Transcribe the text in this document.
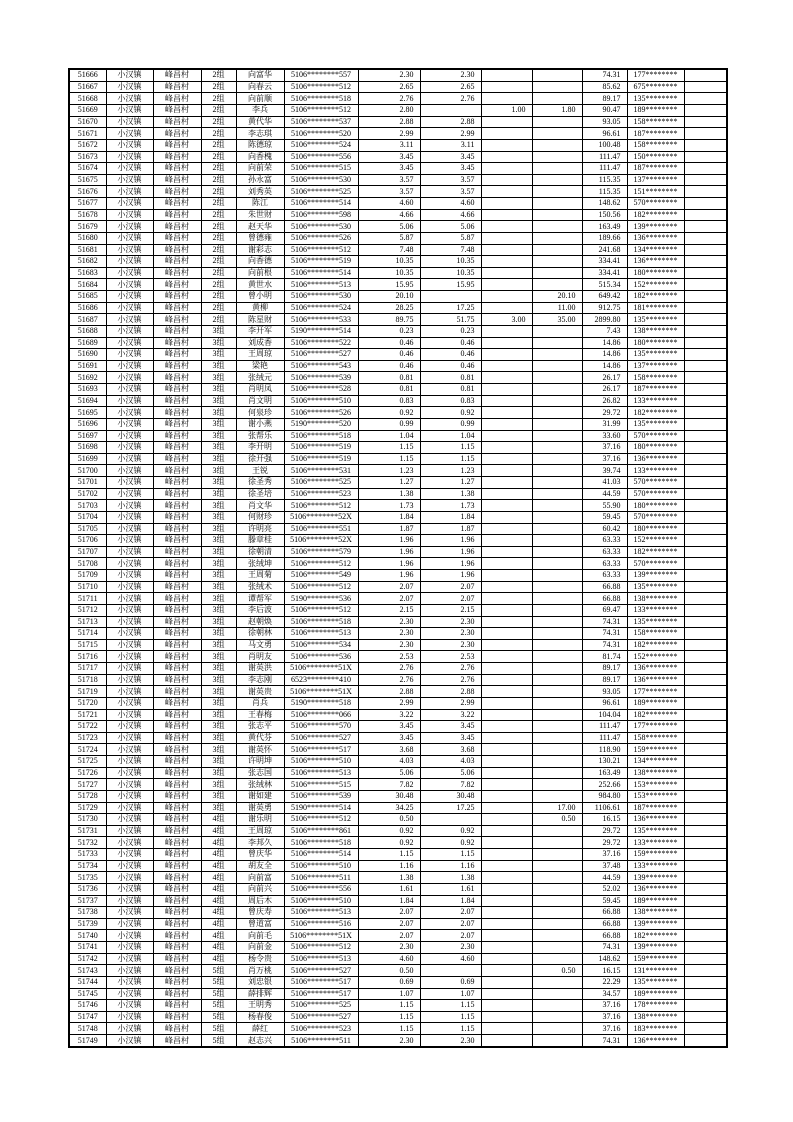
51666	小汉镇	峰昌村	2组	向富华	5106********557	2.30	2.30			74.31	177********	
51667	小汉镇	峰昌村	2组	向春云	5106********512	2.65	2.65			85.62	675********	
51668	小汉镇	峰昌村	2组	向前顺	5106********518	2.76	2.76			89.17	135********	
51669	小汉镇	峰昌村	2组	李兵	5106********512	2.80		1.00	1.80	90.47	189********	
51670	小汉镇	峰昌村	2组	黄代华	5106********537	2.88	2.88			93.05	158********	
51671	小汉镇	峰昌村	2组	李志琪	5106********520	2.99	2.99			96.61	187********	
51672	小汉镇	峰昌村	2组	陈德琼	5106********524	3.11	3.11			100.48	158********	
51673	小汉镇	峰昌村	2组	向香槐	5106********556	3.45	3.45			111.47	150********	
51674	小汉镇	峰昌村	2组	向前荣	5106********515	3.45	3.45			111.47	187********	
51675	小汉镇	峰昌村	2组	孙永富	5106********530	3.57	3.57			115.35	137********	
51676	小汉镇	峰昌村	2组	刘秀英	5106********525	3.57	3.57			115.35	151********	
51677	小汉镇	峰昌村	2组	陈江	5106********514	4.60	4.60			148.62	570********	
51678	小汉镇	峰昌村	2组	朱世财	5106********598	4.66	4.66			150.56	182********	
51679	小汉镇	峰昌村	2组	赵天华	5106********530	5.06	5.06			163.49	139********	
51680	小汉镇	峰昌村	2组	曾德雍	5106********526	5.87	5.87			189.66	136********	
51681	小汉镇	峰昌村	2组	谢彩志	5106********512	7.48	7.48			241.68	134********	
51682	小汉镇	峰昌村	2组	向香德	5106********519	10.35	10.35			334.41	136********	
51683	小汉镇	峰昌村	2组	向前根	5106********514	10.35	10.35			334.41	180********	
51684	小汉镇	峰昌村	2组	黄世水	5106********513	15.95	15.95			515.34	152********	
51685	小汉镇	峰昌村	2组	曾小明	5106********530	20.10			20.10	649.42	182********	
51686	小汉镇	峰昌村	2组	黄柳	5106********524	28.25	17.25		11.00	912.75	181********	
51687	小汉镇	峰昌村	2组	陈星财	5106********533	89.75	51.75	3.00	35.00	2899.80	135********	
51688	小汉镇	峰昌村	3组	李开军	5190********514	0.23	0.23			7.43	138********	
51689	小汉镇	峰昌村	3组	刘成香	5106********522	0.46	0.46			14.86	180********	
51690	小汉镇	峰昌村	3组	王周琼	5106********527	0.46	0.46			14.86	135********	
51691	小汉镇	峰昌村	3组	梁艳	5106********543	0.46	0.46			14.86	137********	
51692	小汉镇	峰昌村	3组	张绒元	5106********539	0.81	0.81			26.17	158********	
51693	小汉镇	峰昌村	3组	肖明凤	5106********528	0.81	0.81			26.17	187********	
51694	小汉镇	峰昌村	3组	肖文明	5106********510	0.83	0.83			26.82	133********	
51695	小汉镇	峰昌村	3组	何泉珍	5106********526	0.92	0.92			29.72	182********	
51696	小汉镇	峰昌村	3组	谢小燕	5190********520	0.99	0.99			31.99	135********	
51697	小汉镇	峰昌村	3组	张帮乐	5106********518	1.04	1.04			33.60	570********	
51698	小汉镇	峰昌村	3组	李开明	5106********519	1.15	1.15			37.16	180********	
51699	小汉镇	峰昌村	3组	徐开强	5106********519	1.15	1.15			37.16	136********	
51700	小汉镇	峰昌村	3组	王锐	5106********531	1.23	1.23			39.74	133********	
51701	小汉镇	峰昌村	3组	徐圣秀	5106********525	1.27	1.27			41.03	570********	
51702	小汉镇	峰昌村	3组	徐圣培	5106********523	1.38	1.38			44.59	570********	
51703	小汉镇	峰昌村	3组	肖文华	5106********512	1.73	1.73			55.90	180********	
51704	小汉镇	峰昌村	3组	何财珍	5106********52X	1.84	1.84			59.45	570********	
51705	小汉镇	峰昌村	3组	许明亮	5106********551	1.87	1.87			60.42	180********	
51706	小汉镇	峰昌村	3组	滕章桂	5106********52X	1.96	1.96			63.33	152********	
51707	小汉镇	峰昌村	3组	徐朝清	5106********579	1.96	1.96			63.33	182********	
51708	小汉镇	峰昌村	3组	张绒坤	5106********512	1.96	1.96			63.33	570********	
51709	小汉镇	峰昌村	3组	王周菊	5106********549	1.96	1.96			63.33	139********	
51710	小汉镇	峰昌村	3组	张绒术	5106********512	2.07	2.07			66.88	135********	
51711	小汉镇	峰昌村	3组	谭帮军	5190********536	2.07	2.07			66.88	138********	
51712	小汉镇	峰昌村	3组	李后波	5106********512	2.15	2.15			69.47	133********	
51713	小汉镇	峰昌村	3组	赵朝焕	5106********518	2.30	2.30			74.31	135********	
51714	小汉镇	峰昌村	3组	徐朝林	5106********513	2.30	2.30			74.31	158********	
51715	小汉镇	峰昌村	3组	马文勇	5106********534	2.30	2.30			74.31	182********	
51716	小汉镇	峰昌村	3组	肖明友	5106********536	2.53	2.53			81.74	152********	
51717	小汉镇	峰昌村	3组	谢英洪	5106********51X	2.76	2.76			89.17	136********	
51718	小汉镇	峰昌村	3组	李志刚	6523********410	2.76	2.76			89.17	136********	
51719	小汉镇	峰昌村	3组	谢英贵	5106********51X	2.88	2.88			93.05	177********	
51720	小汉镇	峰昌村	3组	肖兵	5190********518	2.99	2.99			96.61	189********	
51721	小汉镇	峰昌村	3组	王春梅	5106********066	3.22	3.22			104.04	182********	
51722	小汉镇	峰昌村	3组	张志平	5106********570	3.45	3.45			111.47	177********	
51723	小汉镇	峰昌村	3组	黄代芬	5106********527	3.45	3.45			111.47	158********	
51724	小汉镇	峰昌村	3组	谢英怀	5106********517	3.68	3.68			118.90	159********	
51725	小汉镇	峰昌村	3组	许明坤	5106********510	4.03	4.03			130.21	134********	
51726	小汉镇	峰昌村	3组	张志国	5106********513	5.06	5.06			163.49	138********	
51727	小汉镇	峰昌村	3组	张绒林	5106********515	7.82	7.82			252.66	153********	
51728	小汉镇	峰昌村	3组	谢如建	5106********539	30.48	30.48			984.80	153********	
51729	小汉镇	峰昌村	3组	谢英勇	5190********514	34.25	17.25		17.00	1106.61	187********	
51730	小汉镇	峰昌村	4组	谢乐明	5106********512	0.50			0.50	16.15	136********	
51731	小汉镇	峰昌村	4组	王周琼	5106********861	0.92	0.92			29.72	135********	
51732	小汉镇	峰昌村	4组	李邦久	5106********518	0.92	0.92			29.72	133********	
51733	小汉镇	峰昌村	4组	曾庆华	5106********514	1.15	1.15			37.16	159********	
51734	小汉镇	峰昌村	4组	胡友全	5106********510	1.16	1.16			37.48	133********	
51735	小汉镇	峰昌村	4组	向前富	5106********511	1.38	1.38			44.59	139********	
51736	小汉镇	峰昌村	4组	向前兴	5106********556	1.61	1.61			52.02	136********	
51737	小汉镇	峰昌村	4组	周后木	5106********510	1.84	1.84			59.45	189********	
51738	小汉镇	峰昌村	4组	曾庆寿	5106********513	2.07	2.07			66.88	138********	
51739	小汉镇	峰昌村	4组	曾道富	5106********516	2.07	2.07			66.88	139********	
51740	小汉镇	峰昌村	4组	向前毛	5106********51X	2.07	2.07			66.88	182********	
51741	小汉镇	峰昌村	4组	向前金	5106********512	2.30	2.30			74.31	139********	
51742	小汉镇	峰昌村	4组	杨令贵	5106********513	4.60	4.60			148.62	159********	
51743	小汉镇	峰昌村	5组	肖万桃	5106********527	0.50			0.50	16.15	131********	
51744	小汉镇	峰昌村	5组	刘忠银	5106********517	0.69	0.69			22.29	135********	
51745	小汉镇	峰昌村	5组	薛排辉	5106********517	1.07	1.07			34.57	189********	
51746	小汉镇	峰昌村	5组	王明秀	5106********525	1.15	1.15			37.16	178********	
51747	小汉镇	峰昌村	5组	杨春俊	5106********527	1.15	1.15			37.16	138********	
51748	小汉镇	峰昌村	5组	薛红	5106********523	1.15	1.15			37.16	183********	
51749	小汉镇	峰昌村	5组	赵志兴	5106********511	2.30	2.30			74.31	136********	
